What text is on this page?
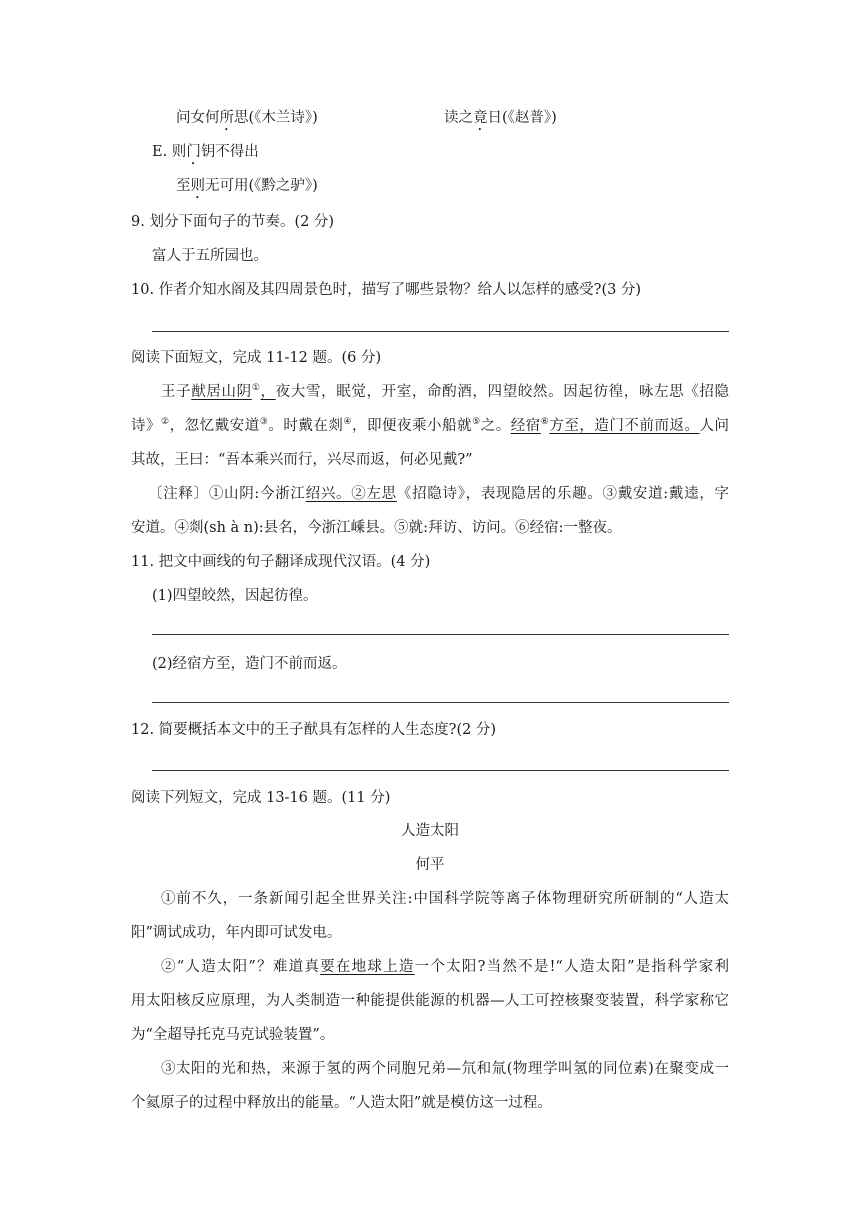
问女何所思(《木兰诗》)	读之竟日(《赵普》)
E. 则门钥不得出
至则无可用(《黔之驴》)
9. 划分下面句子的节奏。(2 分)
富人于五所园也。
10. 作者介知水阁及其四周景色时，描写了哪些景物？给人以怎样的感受?(3 分)
阅读下面短文，完成 11-12 题。(6 分)
王子猷居山阴①，夜大雪，眠觉，开室，命酌酒，四望皎然。因起彷徨，咏左思《招隐
诗》②，忽忆戴安道③。时戴在剡④，即便夜乘小船就⑤之。经宿⑥方至，造门不前而返。人问
其故，王曰：“吾本乘兴而行，兴尽而返，何必见戴?”
〔注释〕①山阴:今浙江绍兴。②左思《招隐诗》，表现隐居的乐趣。③戴安道:戴逵，字
安道。④剡(sh à n):县名，今浙江嵊县。⑤就:拜访、访问。⑥经宿:一整夜。
11. 把文中画线的句子翻译成现代汉语。(4 分)
(1)四望皎然，因起彷徨。
(2)经宿方至，造门不前而返。
12. 简要概括本文中的王子猷具有怎样的人生态度?(2 分)
阅读下列短文，完成 13-16 题。(11 分)
人造太阳
何平
①前不久，一条新闻引起全世界关注:中国科学院等离子体物理研究所研制的“人造太
阳”调试成功，年内即可试发电。
②“人造太阳”？难道真要在地球上造一个太阳?当然不是!“人造太阳”是指科学家利
用太阳核反应原理，为人类制造一种能提供能源的机器—人工可控核聚变装置，科学家称它
为“全超导托克马克试验装置”。
③太阳的光和热，来源于氢的两个同胞兄弟—氘和氚(物理学叫氢的同位素)在聚变成一
个氦原子的过程中释放出的能量。“人造太阳”就是模仿这一过程。
